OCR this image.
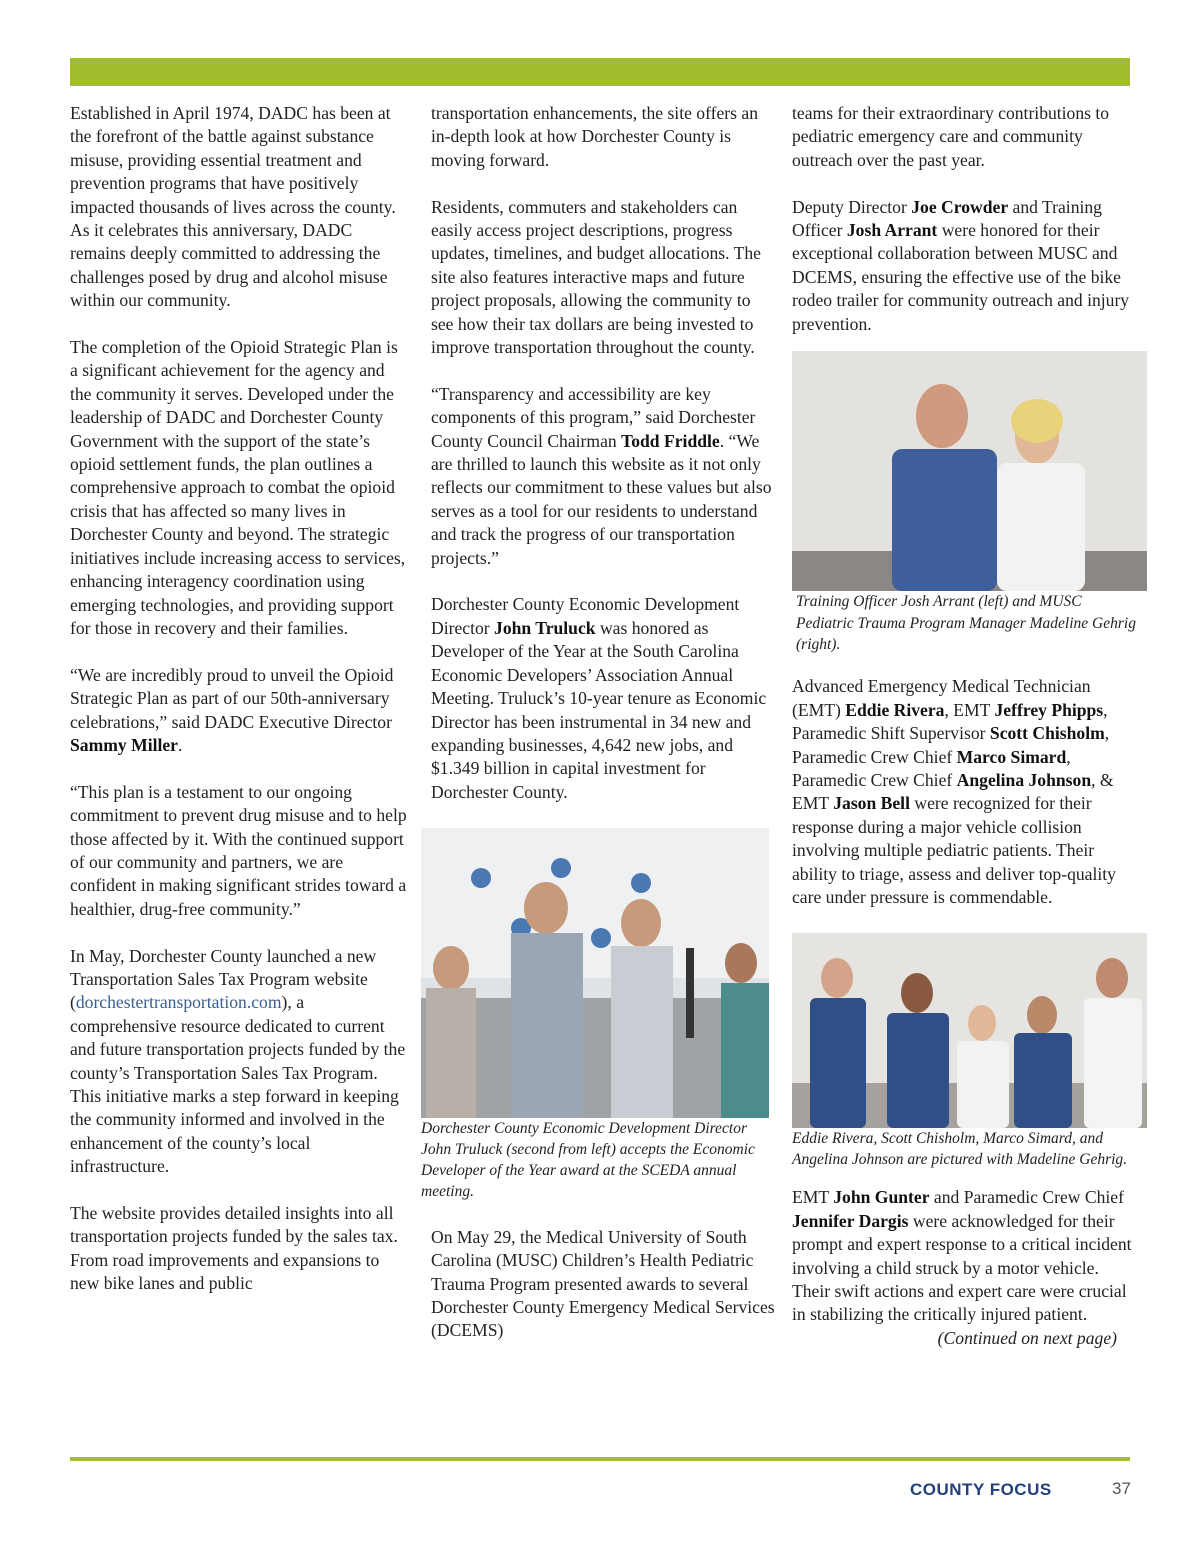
Established in April 1974, DADC has been at the forefront of the battle against substance misuse, providing essential treatment and prevention programs that have positively impacted thousands of lives across the county. As it celebrates this anniversary, DADC remains deeply committed to addressing the challenges posed by drug and alcohol misuse within our community.

The completion of the Opioid Strategic Plan is a significant achievement for the agency and the community it serves. Developed under the leadership of DADC and Dorchester County Government with the support of the state’s opioid settlement funds, the plan outlines a comprehensive approach to combat the opioid crisis that has affected so many lives in Dorchester County and beyond. The strategic initiatives include increasing access to services, enhancing interagency coordination using emerging technologies, and providing support for those in recovery and their families.

“We are incredibly proud to unveil the Opioid Strategic Plan as part of our 50th-anniversary celebrations,” said DADC Executive Director Sammy Miller.

“This plan is a testament to our ongoing commitment to prevent drug misuse and to help those affected by it. With the continued support of our community and partners, we are confident in making significant strides toward a healthier, drug-free community.”

In May, Dorchester County launched a new Transportation Sales Tax Program website (dorchestertransportation.com), a comprehensive resource dedicated to current and future transportation projects funded by the county’s Transportation Sales Tax Program. This initiative marks a step forward in keeping the community informed and involved in the enhancement of the county’s local infrastructure.

The website provides detailed insights into all transportation projects funded by the sales tax. From road improvements and expansions to new bike lanes and public

transportation enhancements, the site offers an in-depth look at how Dorchester County is moving forward.

Residents, commuters and stakeholders can easily access project descriptions, progress updates, timelines, and budget allocations. The site also features interactive maps and future project proposals, allowing the community to see how their tax dollars are being invested to improve transportation throughout the county.

“Transparency and accessibility are key components of this program,” said Dorchester County Council Chairman Todd Friddle. “We are thrilled to launch this website as it not only reflects our commitment to these values but also serves as a tool for our residents to understand and track the progress of our transportation projects.”

Dorchester County Economic Development Director John Truluck was honored as Developer of the Year at the South Carolina Economic Developers’ Association Annual Meeting. Truluck’s 10-year tenure as Economic Director has been instrumental in 34 new and expanding businesses, 4,642 new jobs, and $1.349 billion in capital investment for Dorchester County.

Dorchester County Economic Development Director John Truluck (second from left) accepts the Economic Developer of the Year award at the SCEDA annual meeting.

On May 29, the Medical University of South Carolina (MUSC) Children’s Health Pediatric Trauma Program presented awards to several Dorchester County Emergency Medical Services (DCEMS)

teams for their extraordinary contributions to pediatric emergency care and community outreach over the past year.

Deputy Director Joe Crowder and Training Officer Josh Arrant were honored for their exceptional collaboration between MUSC and DCEMS, ensuring the effective use of the bike rodeo trailer for community outreach and injury prevention.

Training Officer Josh Arrant (left) and MUSC Pediatric Trauma Program Manager Madeline Gehrig (right).

Advanced Emergency Medical Technician (EMT) Eddie Rivera, EMT Jeffrey Phipps, Paramedic Shift Supervisor Scott Chisholm, Paramedic Crew Chief Marco Simard, Paramedic Crew Chief Angelina Johnson, & EMT Jason Bell were recognized for their response during a major vehicle collision involving multiple pediatric patients. Their ability to triage, assess and deliver top-quality care under pressure is commendable.

Eddie Rivera, Scott Chisholm, Marco Simard, and Angelina Johnson are pictured with Madeline Gehrig.

EMT John Gunter and Paramedic Crew Chief Jennifer Dargis were acknowledged for their prompt and expert response to a critical incident involving a child struck by a motor vehicle. Their swift actions and expert care were crucial in stabilizing the critically injured patient.

(Continued on next page)

COUNTY FOCUS	37
